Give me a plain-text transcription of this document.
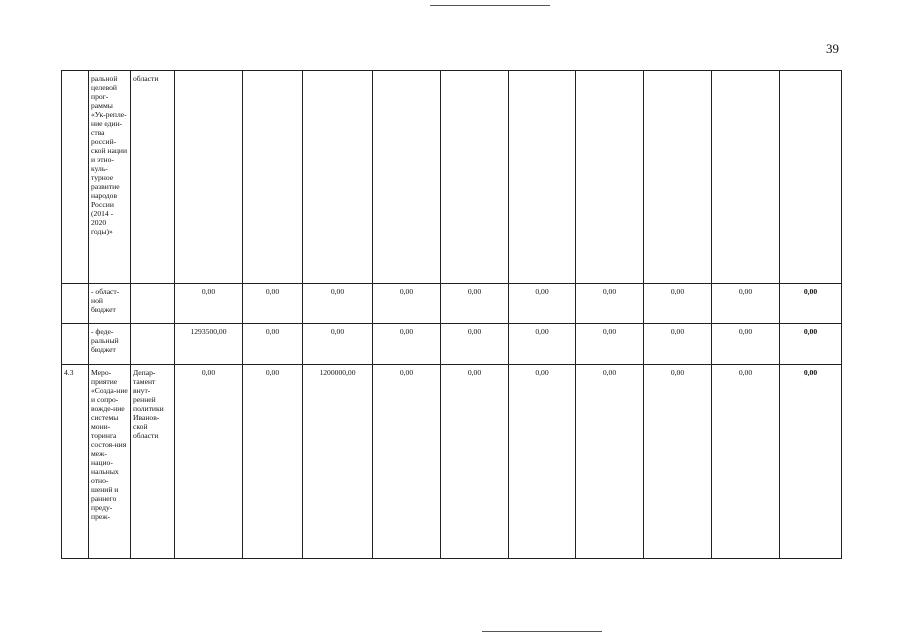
39
	ральной целевой прог-раммы «Ук-репле-ние един-ства россий-ской нации и этно-куль-турное развитие народов России (2014 - 2020 годы)»	области										
	- област-ной бюджет		0,00	0,00	0,00	0,00	0,00	0,00	0,00	0,00	0,00	0,00
	- феде-ральный бюджет		1293500,00	0,00	0,00	0,00	0,00	0,00	0,00	0,00	0,00	0,00
4.3	Меро-приятие «Созда-ние и сопро-вожде-ние системы мони-торинга состоя-ния меж-нацио-нальных отно-шений и раннего преду-преж-	Депар-тамент внут-ренней политики Иванов-ской области	0,00	0,00	1200000,00	0,00	0,00	0,00	0,00	0,00	0,00	0,00
